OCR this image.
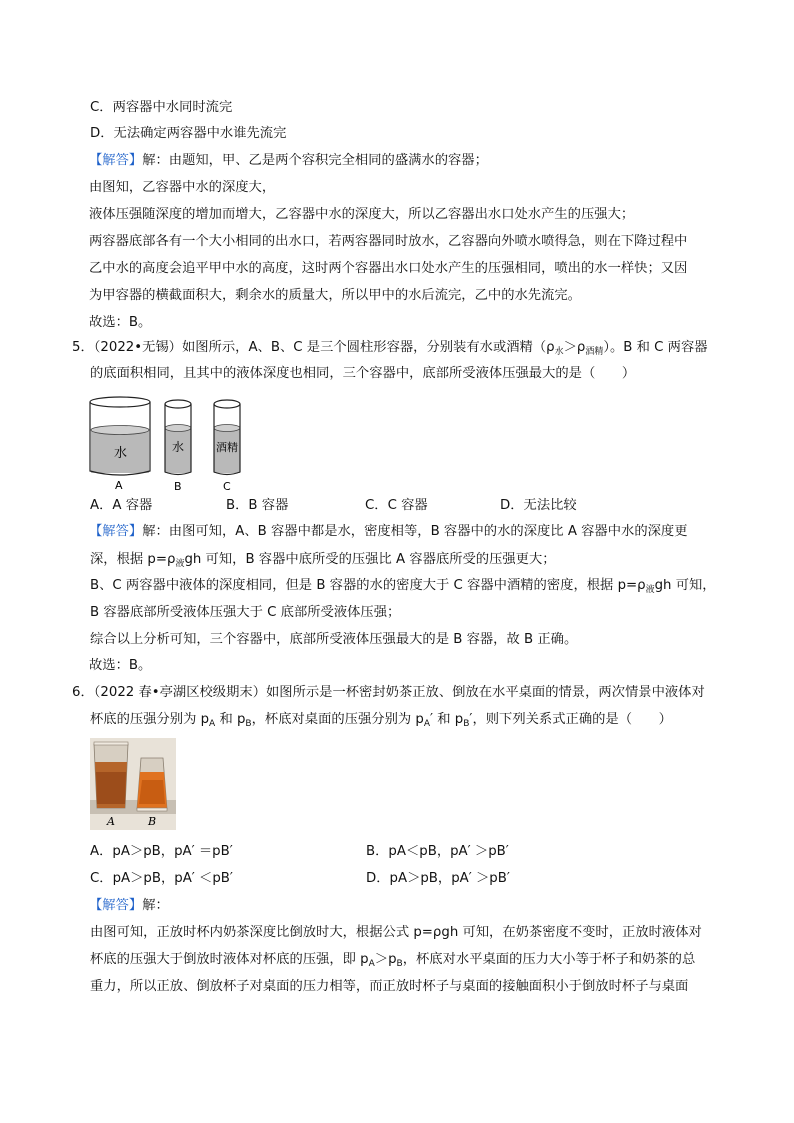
C．两容器中水同时流完
D．无法确定两容器中水谁先流完
【解答】解：由题知，甲、乙是两个容积完全相同的盛满水的容器；
由图知，乙容器中水的深度大，
液体压强随深度的增加而增大，乙容器中水的深度大，所以乙容器出水口处水产生的压强大；
两容器底部各有一个大小相同的出水口，若两容器同时放水，乙容器向外喷水喷得急，则在下降过程中
乙中水的高度会追平甲中水的高度，这时两个容器出水口处水产生的压强相同，喷出的水一样快；又因
为甲容器的横截面积大，剩余水的质量大，所以甲中的水后流完，乙中的水先流完。
故选：B。
5．（2022•无锡）如图所示，A、B、C 是三个圆柱形容器，分别装有水或酒精$(\rho_水>\rho_{酒精})$。B 和 C 两容器
的底面积相同，且其中的液体深度也相同，三个容器中，底部所受液体压强最大的是（　　）
水	水	酒精
A	B	C
A．A 容器	B．B 容器	C．C 容器	D．无法比较
【解答】解：由图可知，A、B 容器中都是水，密度相等，B 容器中的水的深度比 A 容器中水的深度更
深，根据 $p=\rho_液gh$ 可知，B 容器中底所受的压强比 A 容器底所受的压强更大；
B、C 两容器中液体的深度相同，但是 B 容器的水的密度大于 C 容器中酒精的密度，根据 $p=\rho_液gh$ 可知，
B 容器底部所受液体压强大于 C 底部所受液体压强；
综合以上分析可知，三个容器中，底部所受液体压强最大的是 B 容器，故 B 正确。
故选：B。
6．（2022 春•亭湖区校级期末）如图所示是一杯密封奶茶正放、倒放在水平桌面的情景，两次情景中液体对
杯底的压强分别为 $p_A$ 和 $p_B$，杯底对桌面的压强分别为 $p_A'$ 和 $p_B'$，则下列关系式正确的是（　　）
A	B
A．pA＞pB，pA′ ＝pB′	B．pA＜pB，pA′ ＞pB′
C．pA＞pB，pA′ ＜pB′	D．pA＞pB，pA′ ＞pB′
【解答】解：
由图可知，正放时杯内奶茶深度比倒放时大，根据公式 p=ρgh 可知，在奶茶密度不变时，正放时液体对
杯底的压强大于倒放时液体对杯底的压强，即 $p_A>p_B$，杯底对水平桌面的压力大小等于杯子和奶茶的总
重力，所以正放、倒放杯子对桌面的压力相等，而正放时杯子与桌面的接触面积小于倒放时杯子与桌面
